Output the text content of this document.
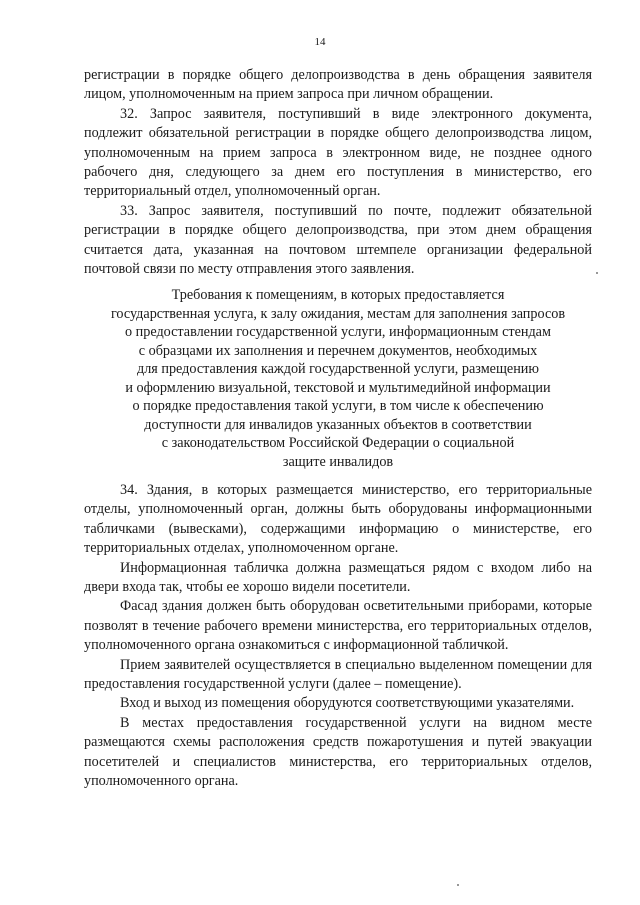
14

регистрации в порядке общего делопроизводства в день обращения заявителя лицом, уполномоченным на прием запроса при личном обращении.

32. Запрос заявителя, поступивший в виде электронного документа, подлежит обязательной регистрации в порядке общего делопроизводства лицом, уполномоченным на прием запроса в электронном виде, не позднее одного рабочего дня, следующего за днем его поступления в министерство, его территориальный отдел, уполномоченный орган.

33. Запрос заявителя, поступивший по почте, подлежит обязательной регистрации в порядке общего делопроизводства, при этом днем обращения считается дата, указанная на почтовом штемпеле организации федеральной почтовой связи по месту отправления этого заявления.

Требования к помещениям, в которых предоставляется
государственная услуга, к залу ожидания, местам для заполнения запросов
о предоставлении государственной услуги, информационным стендам
с образцами их заполнения и перечнем документов, необходимых
для предоставления каждой государственной услуги, размещению
и оформлению визуальной, текстовой и мультимедийной информации
о порядке предоставления такой услуги, в том числе к обеспечению
доступности для инвалидов указанных объектов в соответствии
с законодательством Российской Федерации о социальной
защите инвалидов

34. Здания, в которых размещается министерство, его территориальные отделы, уполномоченный орган, должны быть оборудованы информационными табличками (вывесками), содержащими информацию о министерстве, его территориальных отделах, уполномоченном органе.

Информационная табличка должна размещаться рядом с входом либо на двери входа так, чтобы ее хорошо видели посетители.

Фасад здания должен быть оборудован осветительными приборами, которые позволят в течение рабочего времени министерства, его территориальных отделов, уполномоченного органа ознакомиться с информационной табличкой.

Прием заявителей осуществляется в специально выделенном помещении для предоставления государственной услуги (далее – помещение).

Вход и выход из помещения оборудуются соответствующими указателями.

В местах предоставления государственной услуги на видном месте размещаются схемы расположения средств пожаротушения и путей эвакуации посетителей и специалистов министерства, его территориальных отделов, уполномоченного органа.
